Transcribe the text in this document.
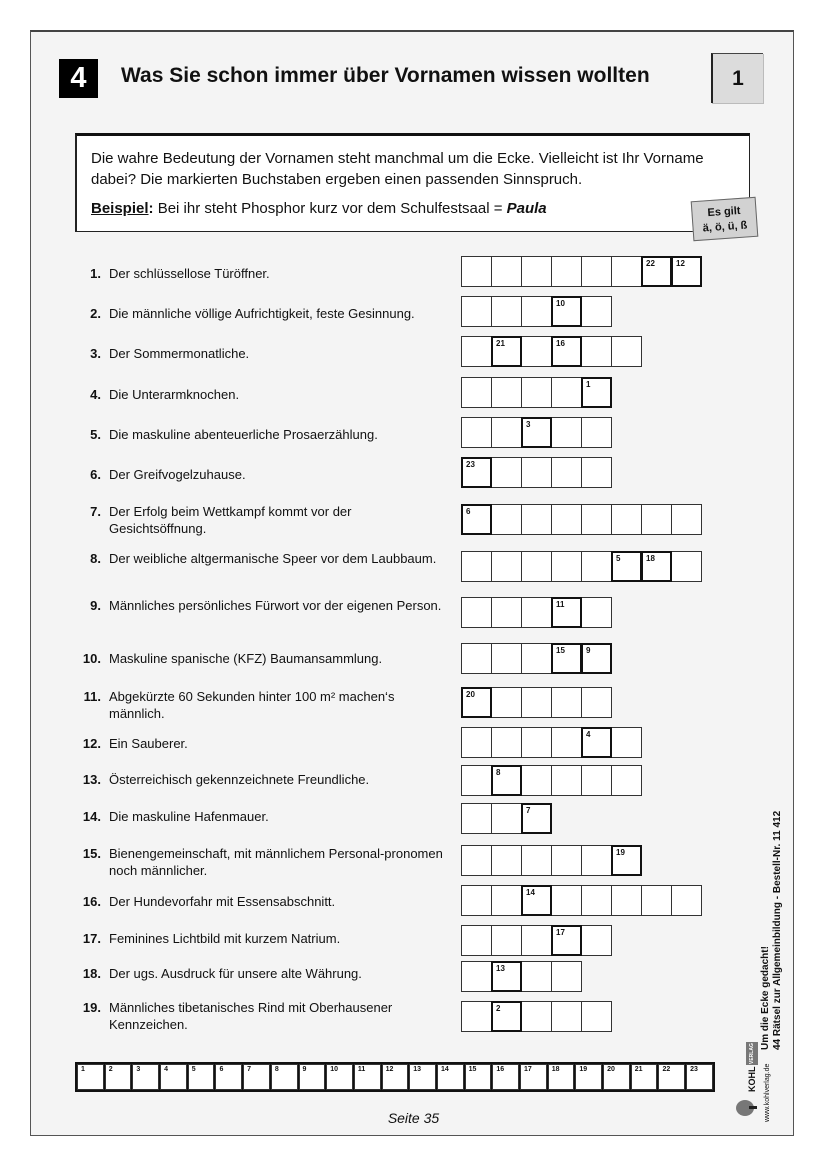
4	Was Sie schon immer über Vornamen wissen wollten	1

Die wahre Bedeutung der Vornamen steht manchmal um die Ecke. Vielleicht ist Ihr Vorname dabei? Die markierten Buchstaben ergeben einen passenden Sinnspruch.

Beispiel: Bei ihr steht Phosphor kurz vor dem Schulfestsaal = Paula	Es gilt
ä, ö, ü, ß
1. Der schlüssellose Türöffner.
22	12
2. Die männliche völlige Aufrichtigkeit, feste Gesinnung.
10
3. Der Sommermonatliche.
21	16
4. Die Unterarmknochen.
1
5. Die maskuline abenteuerliche Prosaerzählung.
3
6. Der Greifvogelzuhause.
23
7. Der Erfolg beim Wettkampf kommt vor der Gesichtsöffnung.
6
8. Der weibliche altgermanische Speer vor dem Laubbaum.	5	18
9. Männliches persönliches Fürwort vor der eigenen Person.	11
10. Maskuline spanische (KFZ) Baumansammlung.
15	9
11. Abgekürzte 60 Sekunden hinter 100 m² machen‘s männlich.
20
12. Ein Sauberer.
4
13. Österreichisch gekennzeichnete Freundliche.	8
14. Die maskuline Hafenmauer.	7
15. Bienengemeinschaft, mit männlichem Personal-pronomen noch männlicher.
19
16. Der Hundevorfahr mit Essensabschnitt.
14
17. Feminines Lichtbild mit kurzem Natrium.	17
18. Der ugs. Ausdruck für unsere alte Währung.	13
19. Männliches tibetanisches Rind mit Oberhausener Kennzeichen.
2
1	2	3	4	5	6	7	8	9	10	11	12	13	14	15	16	17	18	19	20	21	22	23
Seite 35
Um die Ecke gedacht! 44 Rätsel zur Allgemeinbildung - Bestell-Nr. 11 412
KOHL
VERLAG
www.kohlverlag.de
